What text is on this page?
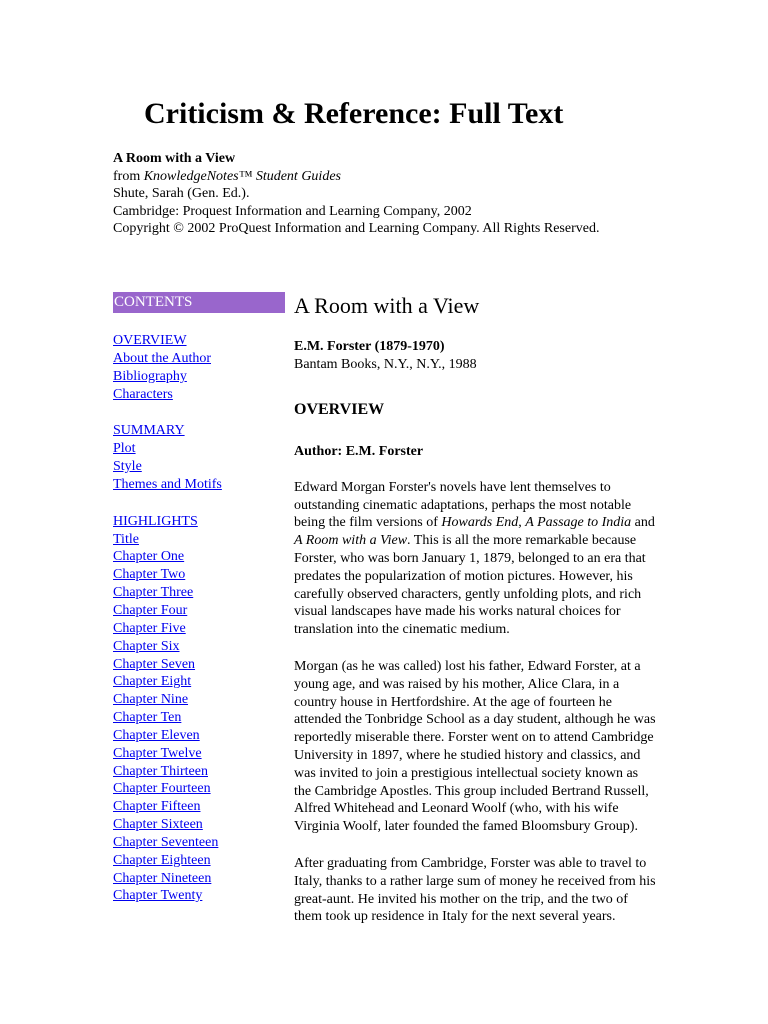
Criticism & Reference: Full Text
A Room with a View
from KnowledgeNotes™ Student Guides
Shute, Sarah (Gen. Ed.).
Cambridge: Proquest Information and Learning Company, 2002
Copyright © 2002 ProQuest Information and Learning Company. All Rights Reserved.
CONTENTS
OVERVIEW
About the Author
Bibliography
Characters
SUMMARY
Plot
Style
Themes and Motifs
HIGHLIGHTS
Title
Chapter One
Chapter Two
Chapter Three
Chapter Four
Chapter Five
Chapter Six
Chapter Seven
Chapter Eight
Chapter Nine
Chapter Ten
Chapter Eleven
Chapter Twelve
Chapter Thirteen
Chapter Fourteen
Chapter Fifteen
Chapter Sixteen
Chapter Seventeen
Chapter Eighteen
Chapter Nineteen
Chapter Twenty
A Room with a View
E.M. Forster (1879-1970)
Bantam Books, N.Y., N.Y., 1988
OVERVIEW
Author: E.M. Forster

Edward Morgan Forster's novels have lent themselves to
outstanding cinematic adaptations, perhaps the most notable
being the film versions of Howards End, A Passage to India and
A Room with a View. This is all the more remarkable because
Forster, who was born January 1, 1879, belonged to an era that
predates the popularization of motion pictures. However, his
carefully observed characters, gently unfolding plots, and rich
visual landscapes have made his works natural choices for
translation into the cinematic medium.

Morgan (as he was called) lost his father, Edward Forster, at a
young age, and was raised by his mother, Alice Clara, in a
country house in Hertfordshire. At the age of fourteen he
attended the Tonbridge School as a day student, although he was
reportedly miserable there. Forster went on to attend Cambridge
University in 1897, where he studied history and classics, and
was invited to join a prestigious intellectual society known as
the Cambridge Apostles. This group included Bertrand Russell,
Alfred Whitehead and Leonard Woolf (who, with his wife
Virginia Woolf, later founded the famed Bloomsbury Group).

After graduating from Cambridge, Forster was able to travel to
Italy, thanks to a rather large sum of money he received from his
great-aunt. He invited his mother on the trip, and the two of
them took up residence in Italy for the next several years.
